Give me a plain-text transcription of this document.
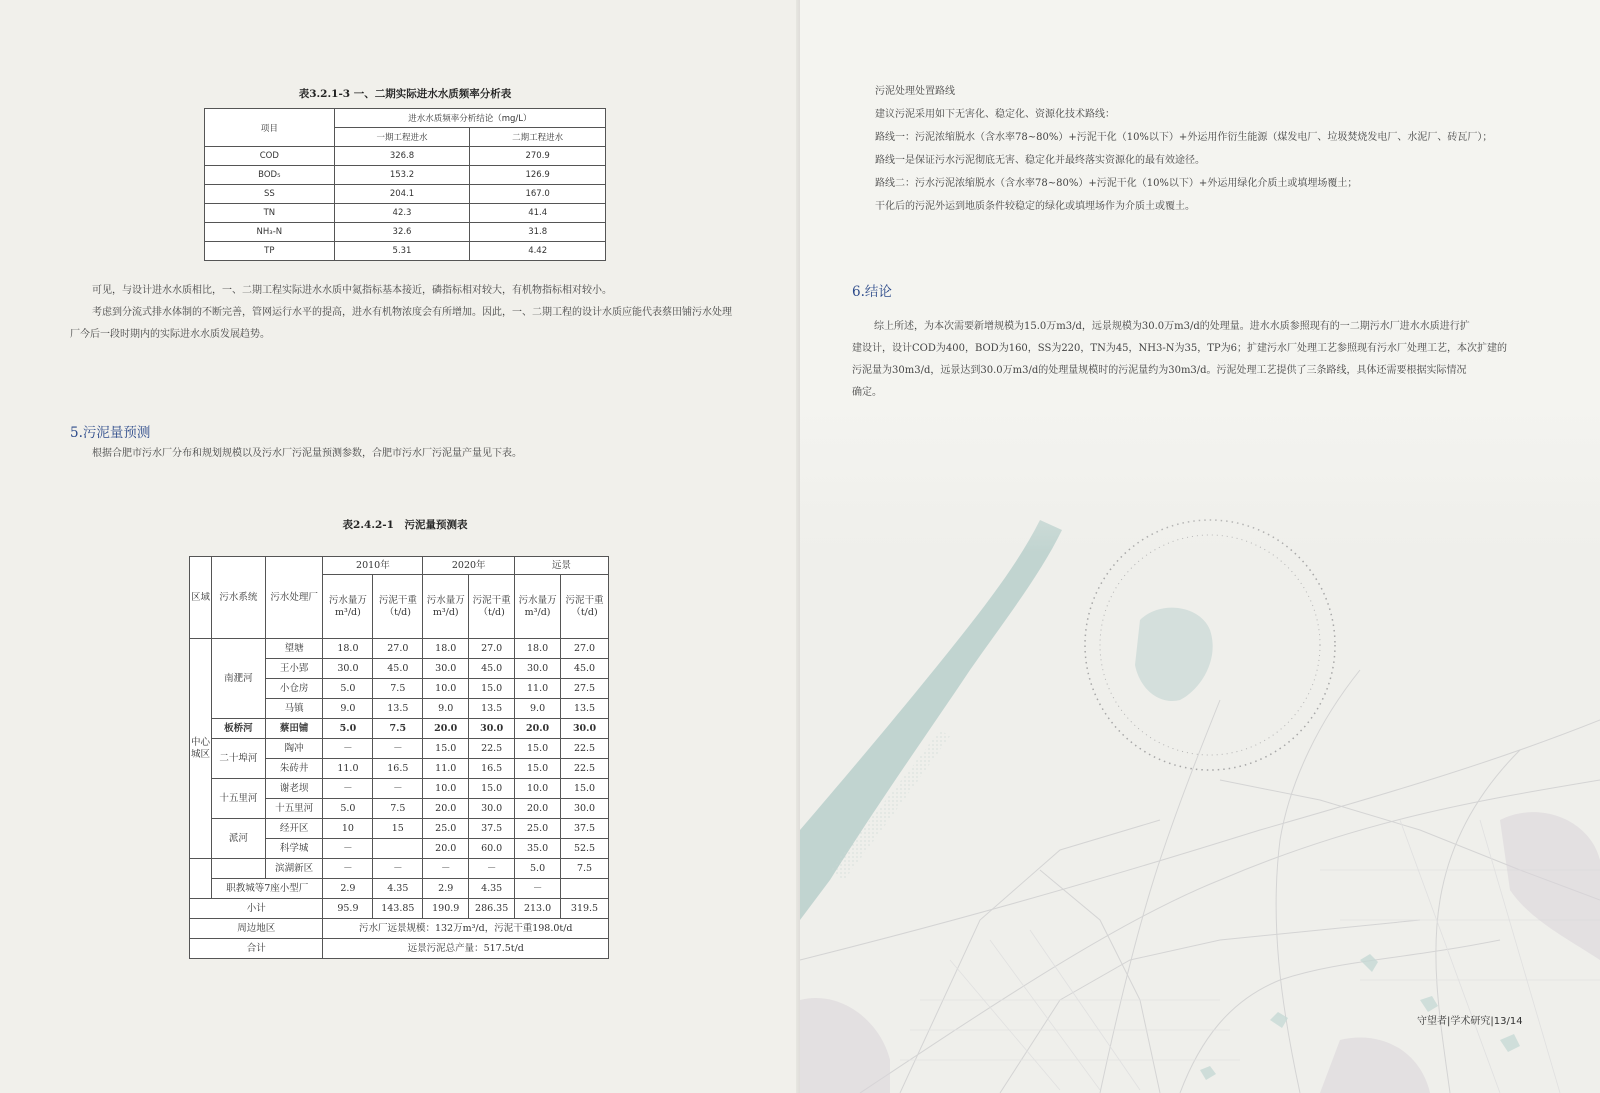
表3.2.1-3 一、二期实际进水水质频率分析表
项目	进水水质频率分析结论（mg/L）	
	一期工程进水	二期工程进水
COD	326.8	270.9
BOD₅	153.2	126.9
SS	204.1	167.0
TN	42.3	41.4
NH₃-N	32.6	31.8
TP	5.31	4.42

可见，与设计进水水质相比，一、二期工程实际进水水质中氮指标基本接近，磷指标相对较大，有机物指标相对较小。

考虑到分流式排水体制的不断完善，管网运行水平的提高，进水有机物浓度会有所增加。因此，一、二期工程的设计水质应能代表蔡田铺污水处理厂今后一段时期内的实际进水水质发展趋势。

5.污泥量预测

根据合肥市污水厂分布和规划规模以及污水厂污泥量预测参数，合肥市污水厂污泥量产量见下表。

表2.4.2-1　污泥量预测表
区域	污水系统	污水处理厂	2010年		2020年		远景	
			污水量万m³/d)	污泥干重（t/d)	污水量万m³/d)	污泥干重（t/d)	污水量万m³/d)	污泥干重（t/d)
中心城区	南淝河	望塘	18.0	27.0	18.0	27.0	18.0	27.0
		王小郢	30.0	45.0	30.0	45.0	30.0	45.0
		小仓房	5.0	7.5	10.0	15.0	11.0	27.5
		马镇	9.0	13.5	9.0	13.5	9.0	13.5
	板桥河	蔡田铺	5.0	7.5	20.0	30.0	20.0	30.0
	二十埠河	陶冲	－	－	15.0	22.5	15.0	22.5
		朱砖井	11.0	16.5	11.0	16.5	15.0	22.5
	十五里河	谢老坝	－	－	10.0	15.0	10.0	15.0
		十五里河	5.0	7.5	20.0	30.0	20.0	30.0
	派河	经开区	10	15	25.0	37.5	25.0	37.5
		科学城	－		20.0	60.0	35.0	52.5
		滨湖新区	－	－	－	－	5.0	7.5
	职教城等7座小型厂		2.9	4.35	2.9	4.35	－	
小计			95.9	143.85	190.9	286.35	213.0	319.5
周边地区			污水厂远景规模：132万m³/d，污泥干重198.0t/d					
合计			远景污泥总产量：517.5t/d					

污泥处理处置路线

建议污泥采用如下无害化、稳定化、资源化技术路线：

路线一：污泥浓缩脱水（含水率78~80%）+污泥干化（10%以下）+外运用作衍生能源（煤发电厂、垃圾焚烧发电厂、水泥厂、砖瓦厂）；

路线一是保证污水污泥彻底无害、稳定化并最终落实资源化的最有效途径。

路线二：污水污泥浓缩脱水（含水率78~80%）+污泥干化（10%以下）+外运用绿化介质土或填埋场覆土；

干化后的污泥外运到地质条件较稳定的绿化或填埋场作为介质土或覆土。

6.结论

综上所述，为本次需要新增规模为15.0万m3/d，远景规模为30.0万m3/d的处理量。进水水质参照现有的一二期污水厂进水水质进行扩

建设计，设计COD为400，BOD为160，SS为220，TN为45，NH3-N为35，TP为6；扩建污水厂处理工艺参照现有污水厂处理工艺，本次扩建的

污泥量为30m3/d，远景达到30.0万m3/d的处理量规模时的污泥量约为30m3/d。污泥处理工艺提供了三条路线，具体还需要根据实际情况

确定。

守望者|学术研究|13/14
